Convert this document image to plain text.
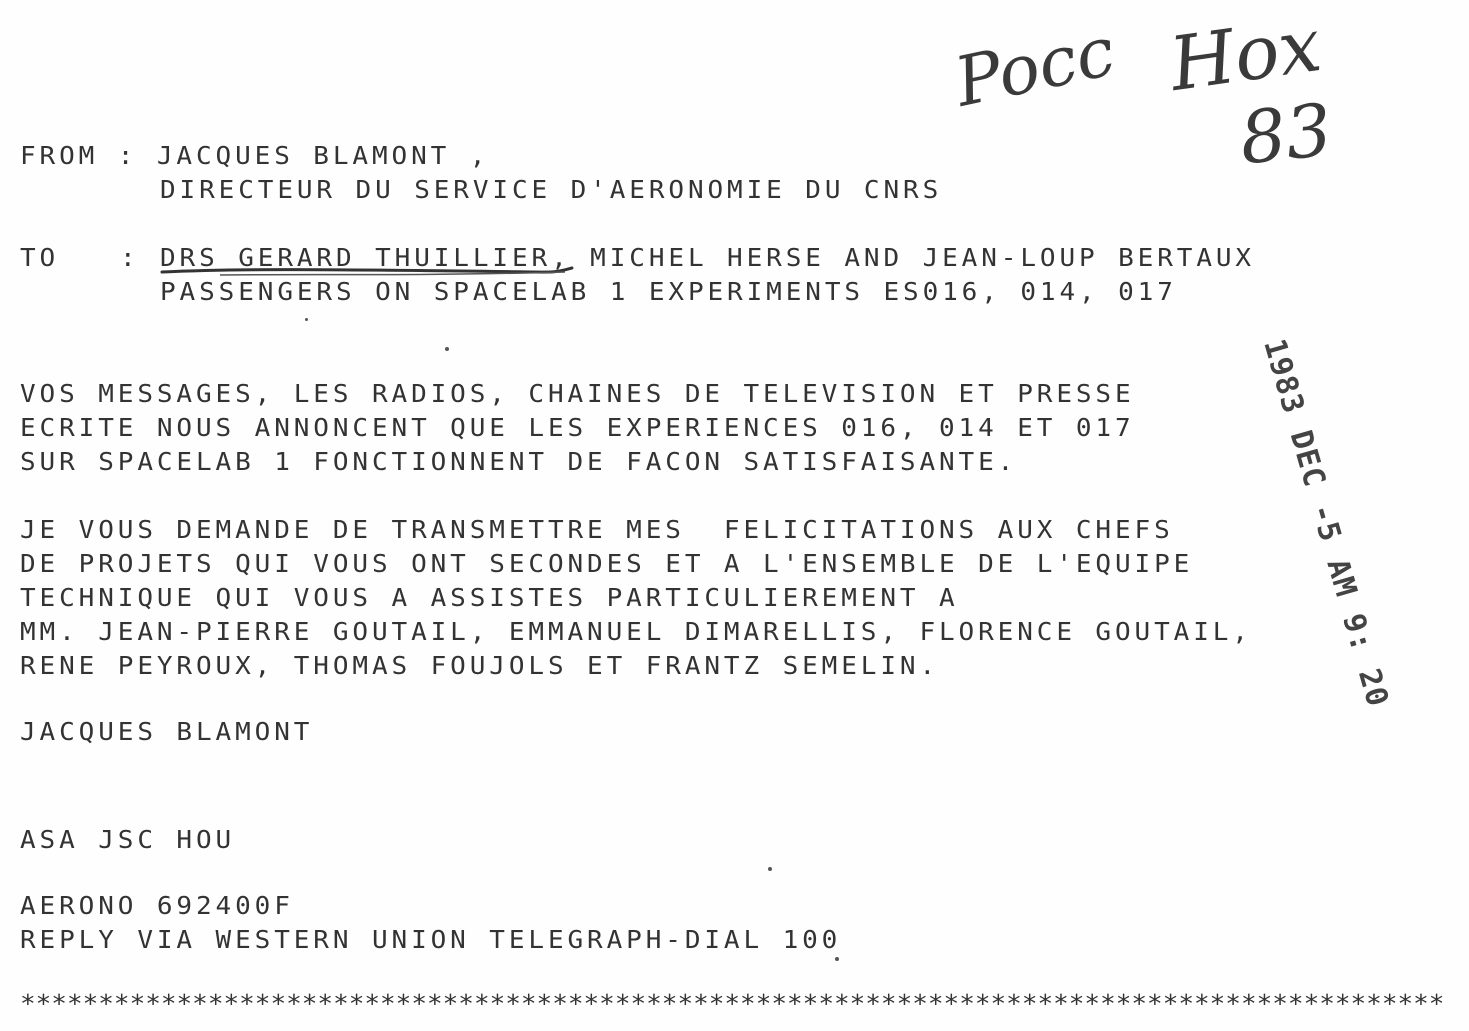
Pocc Hox
83
1983 DEC -5 AM 9: 20
FROM : JACQUES BLAMONT ,
DIRECTEUR DU SERVICE D'AERONOMIE DU CNRS
TO : DRS GERARD THUILLIER, MICHEL HERSE AND JEAN-LOUP BERTAUX
PASSENGERS ON SPACELAB 1 EXPERIMENTS ES016, 014, 017
VOS MESSAGES, LES RADIOS, CHAINES DE TELEVISION ET PRESSE
ECRITE NOUS ANNONCENT QUE LES EXPERIENCES 016, 014 ET 017
SUR SPACELAB 1 FONCTIONNENT DE FACON SATISFAISANTE.
JE VOUS DEMANDE DE TRANSMETTRE MES  FELICITATIONS AUX CHEFS
DE PROJETS QUI VOUS ONT SECONDES ET A L'ENSEMBLE DE L'EQUIPE
TECHNIQUE QUI VOUS A ASSISTES PARTICULIEREMENT A
MM. JEAN-PIERRE GOUTAIL, EMMANUEL DIMARELLIS, FLORENCE GOUTAIL,
RENE PEYROUX, THOMAS FOUJOLS ET FRANTZ SEMELIN.
JACQUES BLAMONT
ASA JSC HOU
AERONO 692400F
REPLY VIA WESTERN UNION TELEGRAPH-DIAL 100
*******************************************************************************************
